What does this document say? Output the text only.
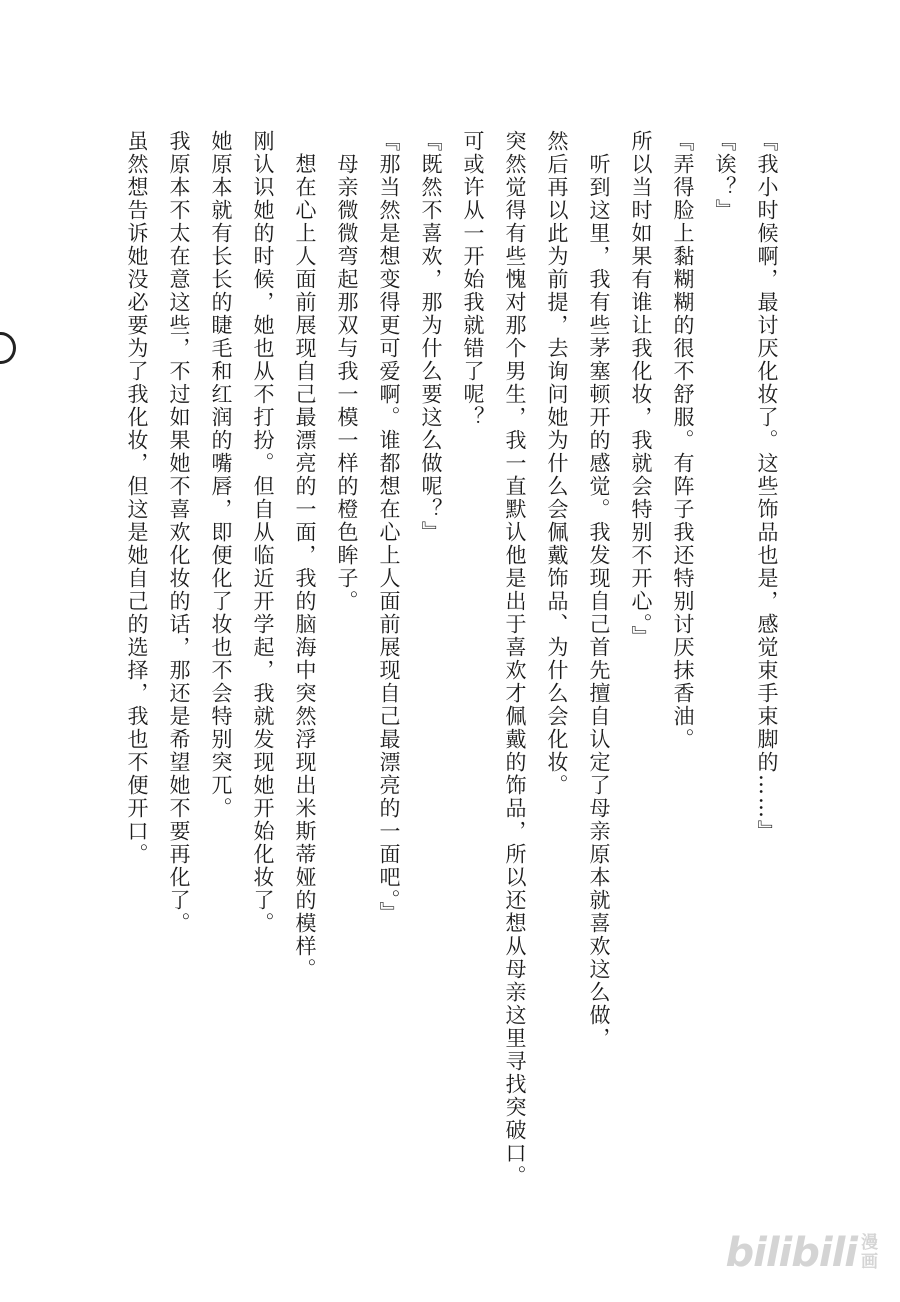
『我小时候啊，最讨厌化妆了。这些饰品也是，感觉束手束脚的……』
『诶？』
『弄得脸上黏糊糊的很不舒服。有阵子我还特别讨厌抹香油。
所以当时如果有谁让我化妆，我就会特别不开心。』
　听到这里，我有些茅塞顿开的感觉。我发现自己首先擅自认定了母亲原本就喜欢这么做，
然后再以此为前提，去询问她为什么会佩戴饰品、为什么会化妆。
突然觉得有些愧对那个男生，我一直默认他是出于喜欢才佩戴的饰品，所以还想从母亲这里寻找突破口。
可或许从一开始我就错了呢？
『既然不喜欢，那为什么要这么做呢？』
『那当然是想变得更可爱啊。谁都想在心上人面前展现自己最漂亮的一面吧。』
　母亲微微弯起那双与我一模一样的橙色眸子。
　想在心上人面前展现自己最漂亮的一面，我的脑海中突然浮现出米斯蒂娅的模样。
刚认识她的时候，她也从不打扮。但自从临近开学起，我就发现她开始化妆了。
她原本就有长长的睫毛和红润的嘴唇，即便化了妆也不会特别突兀。
我原本不太在意这些，不过如果她不喜欢化妆的话，那还是希望她不要再化了。
虽然想告诉她没必要为了我化妆，但这是她自己的选择，我也不便开口。
bilibili 漫
画
